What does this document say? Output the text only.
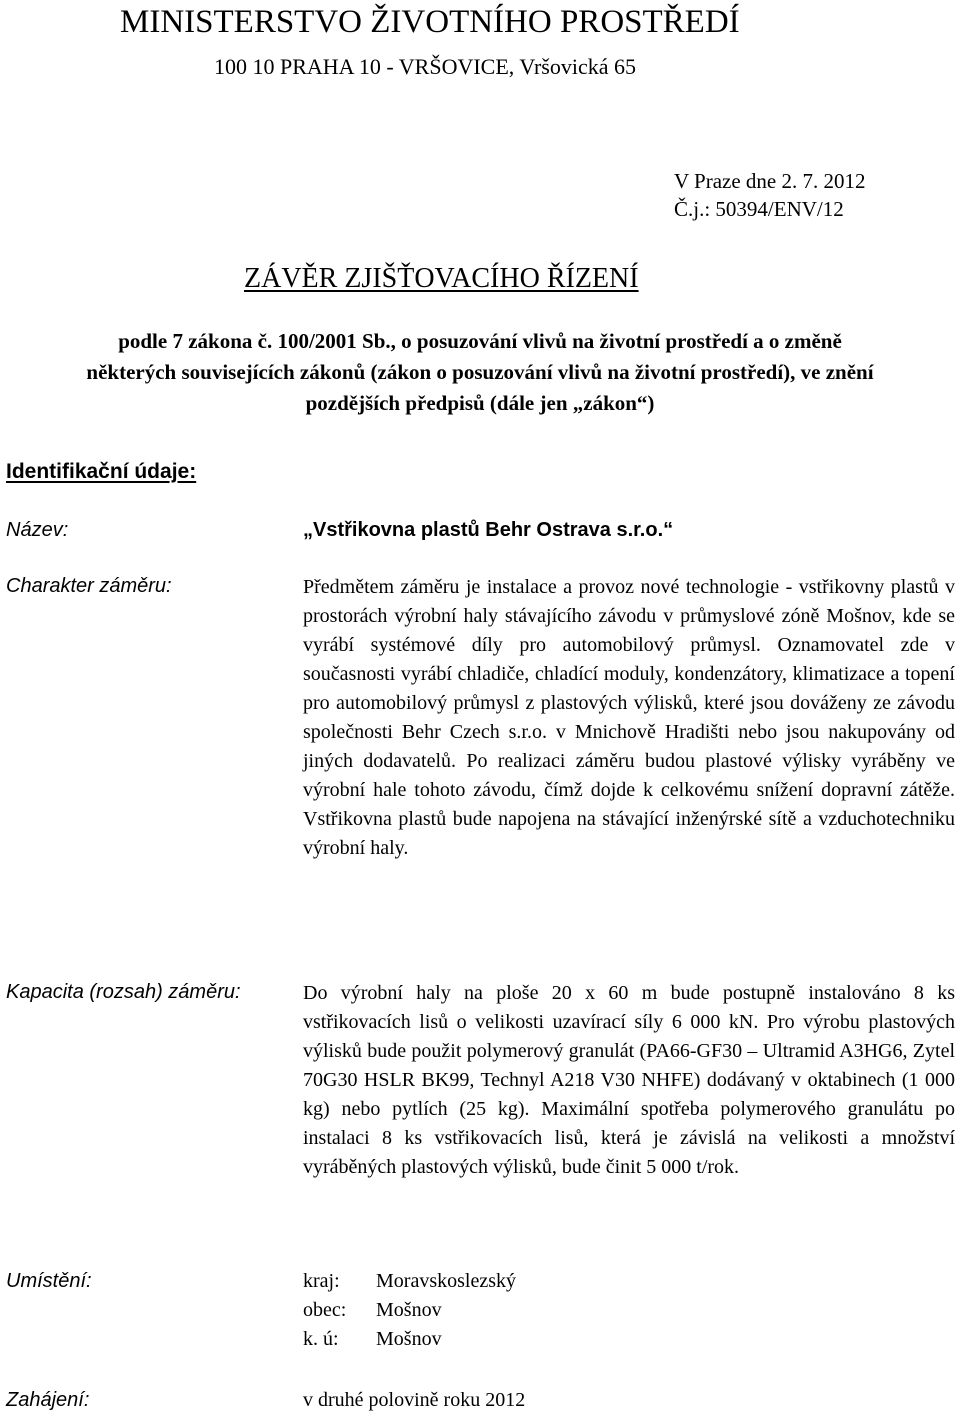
MINISTERSTVO ŽIVOTNÍHO PROSTŘEDÍ
100 10 PRAHA 10 - VRŠOVICE, Vršovická 65
V Praze dne 2. 7. 2012
Č.j.: 50394/ENV/12
ZÁVĚR ZJIŠŤOVACÍHO ŘÍZENÍ
podle 7 zákona č. 100/2001 Sb., o posuzování vlivů na životní prostředí a o změně
některých souvisejících zákonů (zákon o posuzování vlivů na životní prostředí), ve znění
pozdějších předpisů (dále jen „zákon“)
Identifikační údaje:
Název:	„Vstřikovna plastů Behr Ostrava s.r.o.“
Charakter záměru:	Předmětem záměru je instalace a provoz nové technologie - vstřikovny plastů v prostorách výrobní haly stávajícího závodu v průmyslové zóně Mošnov, kde se vyrábí systémové díly pro automobilový průmysl. Oznamovatel zde v současnosti vyrábí chladiče, chladící moduly, kondenzátory, klimatizace a topení pro automobilový průmysl z plastových výlisků, které jsou dováženy ze závodu společnosti Behr Czech s.r.o. v Mnichově Hradišti nebo jsou nakupovány od jiných dodavatelů. Po realizaci záměru budou plastové výlisky vyráběny ve výrobní hale tohoto závodu, čímž dojde k celkovému snížení dopravní zátěže. Vstřikovna plastů bude napojena na stávající inženýrské sítě a vzduchotechniku výrobní haly.
Kapacita (rozsah) záměru:	Do výrobní haly na ploše 20 x 60 m bude postupně instalováno 8 ks vstřikovacích lisů o velikosti uzavírací síly 6 000 kN. Pro výrobu plastových výlisků bude použit polymerový granulát (PA66-GF30 – Ultramid A3HG6, Zytel 70G30 HSLR BK99, Technyl A218 V30 NHFE) dodávaný v oktabinech (1 000 kg) nebo pytlích (25 kg). Maximální spotřeba polymerového granulátu po instalaci 8 ks vstřikovacích lisů, která je závislá na velikosti a množství vyráběných plastových výlisků, bude činit 5 000 t/rok.
Umístění:	kraj:	Moravskoslezský
obec:	Mošnov
k. ú:	Mošnov
Zahájení:	v druhé polovině roku 2012
